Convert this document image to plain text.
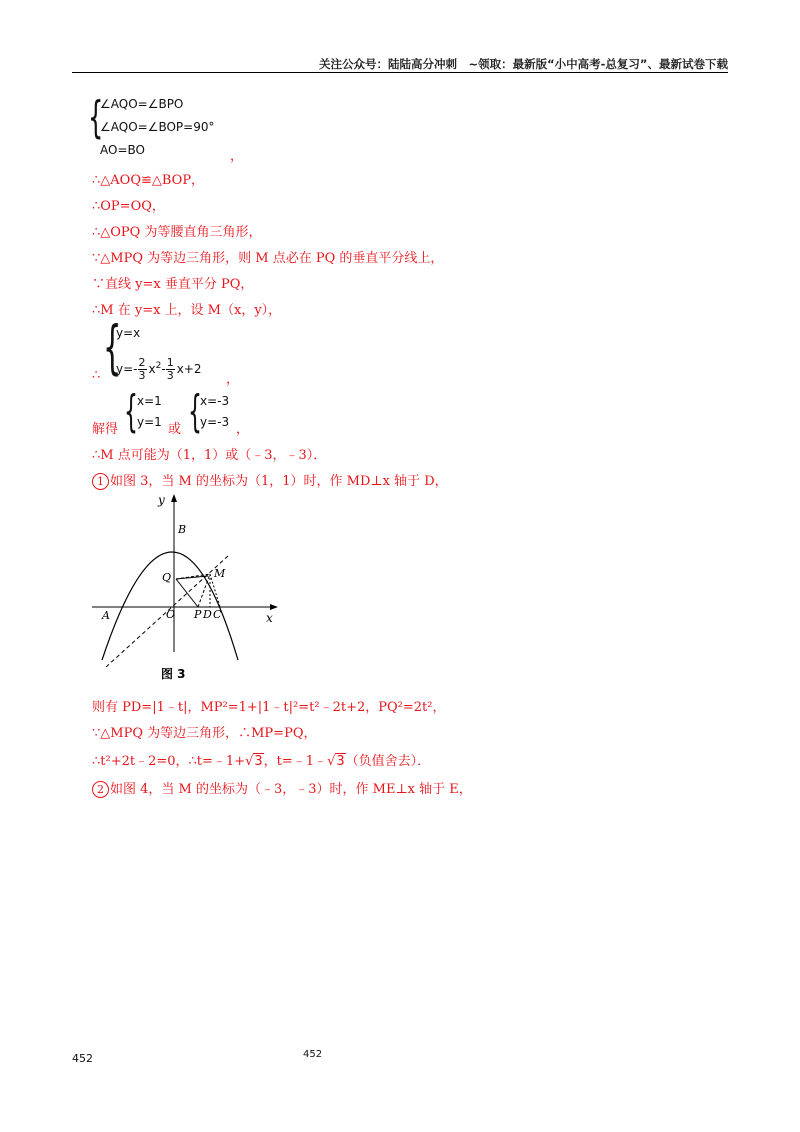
关注公众号：陆陆高分冲刺　~领取：最新版“小中高考-总复习”、最新试卷下载
{
∠AQO=∠BPO
∠AQO=∠BOP=90°
AO=BO	，
∴△AOQ≌△BOP，
∴OP=OQ，
∴△OPQ 为等腰直角三角形，
∵△MPQ 为等边三角形，则 M 点必在 PQ 的垂直平分线上，
∵直线 y=x 垂直平分 PQ，
∴M 在 y=x 上，设 M（x，y），
∴ {
y=x
$y=- \frac{2}{3} x^2- \frac{1}{3} x+2$
，
解得 { x=1
y=1 或 {
x=-3
y=-3 ，
∴M 点可能为（1，1）或（﹣3，﹣3）．
1 如图 3，当 M 的坐标为（1，1）时，作 MD⊥x 轴于 D，
y
x
B
Q	M
A	O P D C
图 3
则有 PD=|1﹣t|，MP²=1+|1﹣t|²=t²﹣2t+2，PQ²=2t²，
∵△MPQ 为等边三角形，∴MP=PQ，
∴t²+2t﹣2=0，∴t=﹣1+√3，t=﹣1﹣√3（负值舍去）．
2 如图 4，当 M 的坐标为（﹣3，﹣3）时，作 ME⊥x 轴于 E，
452	452
